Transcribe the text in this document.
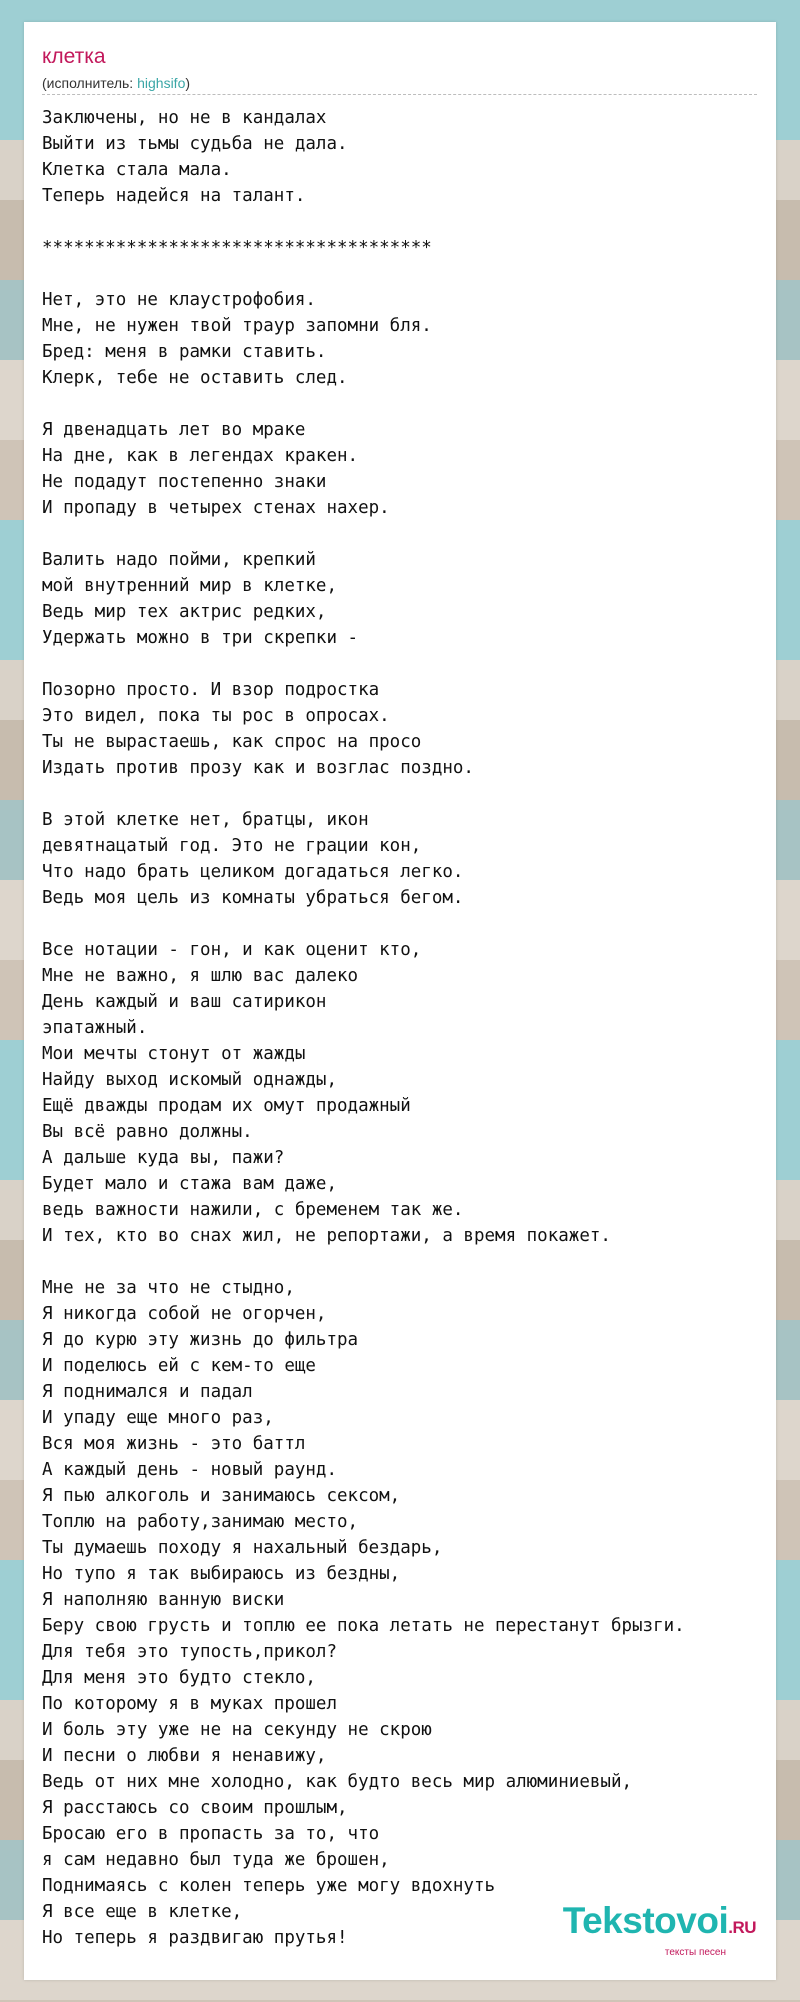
клетка
(исполнитель: highsifo)
Заключены, но не в кандалах
Выйти из тьмы судьба не дала.
Клетка стала мала.
Теперь надейся на талант.

*************************************

Нет, это не клаустрофобия.
Мне, не нужен твой траур запомни бля.
Бред: меня в рамки ставить.
Клерк, тебе не оставить след.

Я двенадцать лет во мраке
На дне, как в легендах кракен.
Не подадут постепенно знаки
И пропаду в четырех стенах нахер.

Валить надо пойми, крепкий
мой внутренний мир в клетке,
Ведь мир тех актрис редких,
Удержать можно в три скрепки -

Позорно просто. И взор подростка
Это видел, пока ты рос в опросах.
Ты не вырастаешь, как спрос на просо
Издать против прозу как и возглас поздно.

В этой клетке нет, братцы, икон
девятнацатый год. Это не грации кон,
Что надо брать целиком догадаться легко.
Ведь моя цель из комнаты убраться бегом.

Все нотации - гон, и как оценит кто,
Мне не важно, я шлю вас далеко
День каждый и ваш сатирикон
эпатажный.
Мои мечты стонут от жажды
Найду выход искомый однажды,
Ещё дважды продам их омут продажный
Вы всё равно должны.
А дальше куда вы, пажи?
Будет мало и стажа вам даже,
ведь важности нажили, с бременем так же.
И тех, кто во снах жил, не репортажи, а время покажет.

Мне не за что не стыдно,
Я никогда собой не огорчен,
Я до курю эту жизнь до фильтра
И поделюсь ей с кем-то еще
Я поднимался и падал
И упаду еще много раз,
Вся моя жизнь - это баттл
А каждый день - новый раунд.
Я пью алкоголь и занимаюсь сексом,
Топлю на работу,занимаю место,
Ты думаешь походу я нахальный бездарь,
Но тупо я так выбираюсь из бездны,
Я наполняю ванную виски
Беру свою грусть и топлю ее пока летать не перестанут брызги.
Для тебя это тупость,прикол?
Для меня это будто стекло,
По которому я в муках прошел
И боль эту уже не на секунду не скрою
И песни о любви я ненавижу,
Ведь от них мне холодно, как будто весь мир алюминиевый,
Я расстаюсь со своим прошлым,
Бросаю его в пропасть за то, что
я сам недавно был туда же брошен,
Поднимаясь с колен теперь уже могу вдохнуть
Я все еще в клетке,
Но теперь я раздвигаю прутья!	Tekstovoi.RU
тексты песен
